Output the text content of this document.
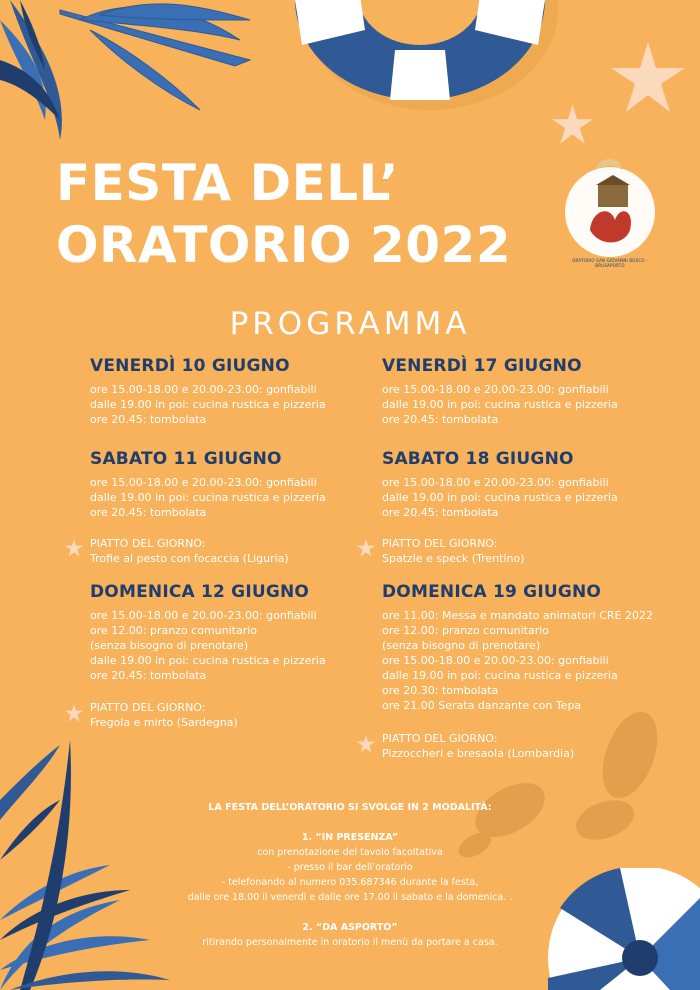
FESTA DELL’
ORATORIO 2022	ORATORIO SAN GIOVANNI BOSCO - BRUSAPORTO
PROGRAMMA
VENERDÌ 10 GIUGNO
ore 15.00-18.00 e 20.00-23.00: gonfiabili
dalle 19.00 in poi: cucina rustica e pizzeria
ore 20.45: tombolata
SABATO 11 GIUGNO
ore 15.00-18.00 e 20.00-23.00: gonfiabili
dalle 19.00 in poi: cucina rustica e pizzeria
ore 20.45: tombolata
PIATTO DEL GIORNO:
Trofie al pesto con focaccia (Liguria)
DOMENICA 12 GIUGNO
ore 15.00-18.00 e 20.00-23.00: gonfiabili
ore 12.00: pranzo comunitario
(senza bisogno di prenotare)
dalle 19.00 in poi: cucina rustica e pizzeria
ore 20.45: tombolata
PIATTO DEL GIORNO:
Fregola e mirto (Sardegna)
VENERDÌ 17 GIUGNO
ore 15.00-18.00 e 20.00-23.00: gonfiabili
dalle 19.00 in poi: cucina rustica e pizzeria
ore 20.45: tombolata
SABATO 18 GIUGNO
ore 15.00-18.00 e 20.00-23.00: gonfiabili
dalle 19.00 in poi: cucina rustica e pizzeria
ore 20.45: tombolata
PIATTO DEL GIORNO:
Spatzle e speck (Trentino)
DOMENICA 19 GIUGNO
ore 11.00: Messa e mandato animatori CRE 2022
ore 12.00: pranzo comunitario
(senza bisogno di prenotare)
ore 15.00-18.00 e 20.00-23.00: gonfiabili
dalle 19.00 in poi: cucina rustica e pizzeria
ore 20.30: tombolata
ore 21.00 Serata danzante con Tepa
PIATTO DEL GIORNO:
Pizzoccheri e bresaola (Lombardia)
LA FESTA DELL’ORATORIO SI SVOLGE IN 2 MODALITÀ:
1. “IN PRESENZA”
con prenotazione del tavolo facoltativa
- presso il bar dell’oratorio
- telefonando al numero 035.687346 durante la festa,
dalle ore 18.00 il venerdì e dalle ore 17.00 il sabato e la domenica. .
2. “DA ASPORTO”
ritirando personalmente in oratorio il menù da portare a casa.
